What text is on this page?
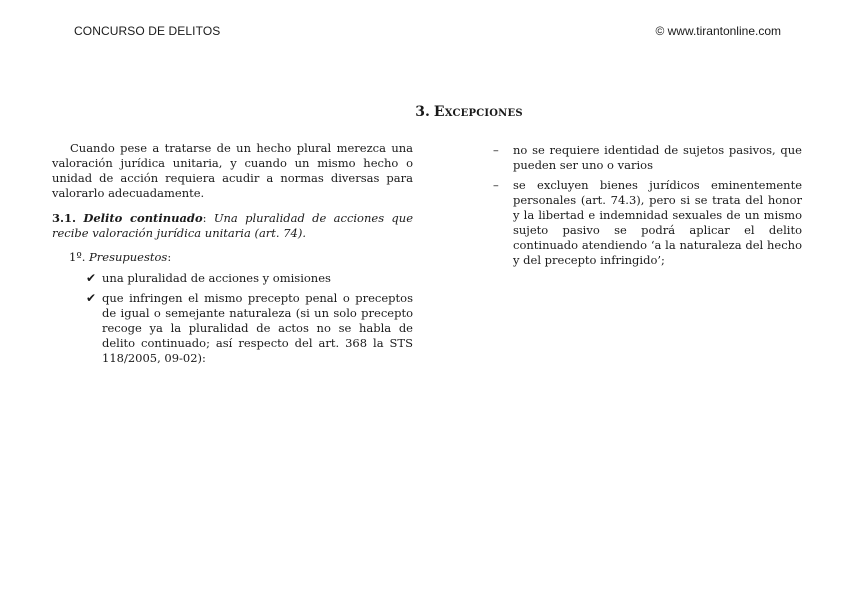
CONCURSO DE DELITOS	© www.tirantonline.com
3. Excepciones

Cuando pese a tratarse de un hecho plural merezca una valoración jurídica unitaria, y cuando un mismo hecho o unidad de acción requiera acudir a normas diversas para valorarlo adecuadamente.

3.1. Delito continuado: Una pluralidad de acciones que recibe valoración jurídica unitaria (art. 74).

1º. Presupuestos:

✔ una pluralidad de acciones y omisiones
✔ que infringen el mismo precepto penal o preceptos de igual o semejante naturaleza (si un solo precepto recoge ya la pluralidad de actos no se habla de delito continuado; así respecto del art. 368 la STS 118/2005, 09-02):
– no se requiere identidad de sujetos pasivos, que pueden ser uno o varios
– se excluyen bienes jurídicos eminentemente personales (art. 74.3), pero si se trata del honor y la libertad e indemnidad sexuales de un mismo sujeto pasivo se podrá aplicar el delito continuado atendiendo ‘a la naturaleza del hecho y del precepto infringido’;
